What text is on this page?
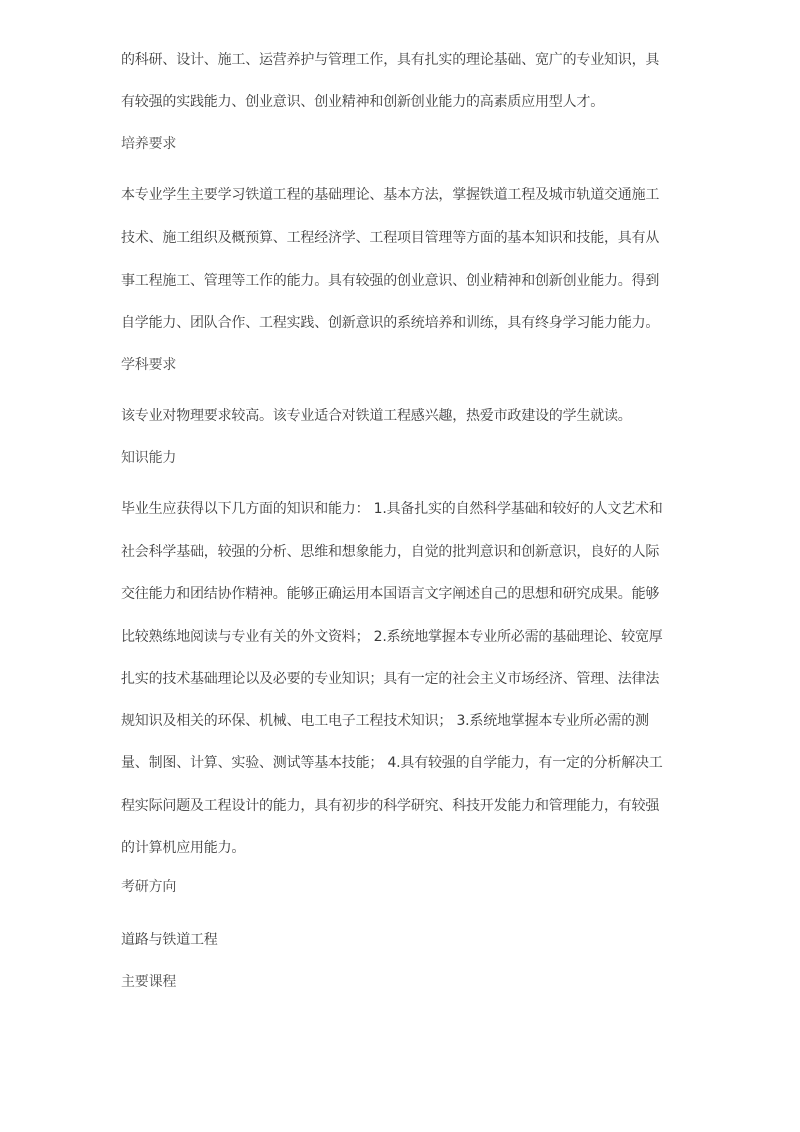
的科研、设计、施工、运营养护与管理工作，具有扎实的理论基础、宽广的专业知识，具
有较强的实践能力、创业意识、创业精神和创新创业能力的高素质应用型人才。
培养要求
本专业学生主要学习铁道工程的基础理论、基本方法，掌握铁道工程及城市轨道交通施工
技术、施工组织及概预算、工程经济学、工程项目管理等方面的基本知识和技能，具有从
事工程施工、管理等工作的能力。具有较强的创业意识、创业精神和创新创业能力。得到
自学能力、团队合作、工程实践、创新意识的系统培养和训练，具有终身学习能力能力。
学科要求
该专业对物理要求较高。该专业适合对铁道工程感兴趣，热爱市政建设的学生就读。
知识能力
毕业生应获得以下几方面的知识和能力： 1.具备扎实的自然科学基础和较好的人文艺术和
社会科学基础，较强的分析、思维和想象能力，自觉的批判意识和创新意识，良好的人际
交往能力和团结协作精神。能够正确运用本国语言文字阐述自己的思想和研究成果。能够
比较熟练地阅读与专业有关的外文资料； 2.系统地掌握本专业所必需的基础理论、较宽厚
扎实的技术基础理论以及必要的专业知识；具有一定的社会主义市场经济、管理、法律法
规知识及相关的环保、机械、电工电子工程技术知识； 3.系统地掌握本专业所必需的测
量、制图、计算、实验、测试等基本技能； 4.具有较强的自学能力，有一定的分析解决工
程实际问题及工程设计的能力，具有初步的科学研究、科技开发能力和管理能力，有较强
的计算机应用能力。
考研方向
道路与铁道工程
主要课程
